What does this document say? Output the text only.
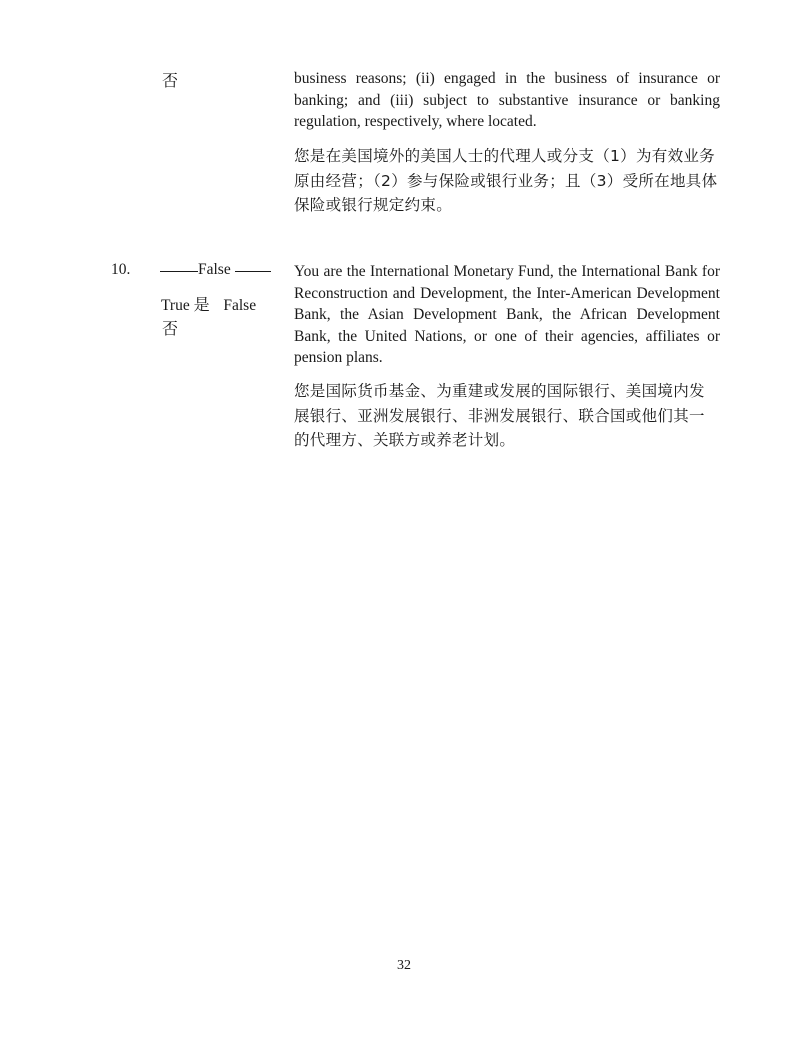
否	business reasons; (ii) engaged in the business of insurance or banking; and (iii) subject to substantive insurance or banking regulation, respectively, where located.
您是在美国境外的美国人士的代理人或分支（1）为有效业务原由经营；（2）参与保险或银行业务；且（3）受所在地具体保险或银行规定约束。
10.	False
True 是 False
否
You are the International Monetary Fund, the International Bank for Reconstruction and Development, the Inter-American Development Bank, the Asian Development Bank, the African Development Bank, the United Nations, or one of their agencies, affiliates or pension plans.
您是国际货币基金、为重建或发展的国际银行、美国境内发展银行、亚洲发展银行、非洲发展银行、联合国或他们其一的代理方、关联方或养老计划。
32
